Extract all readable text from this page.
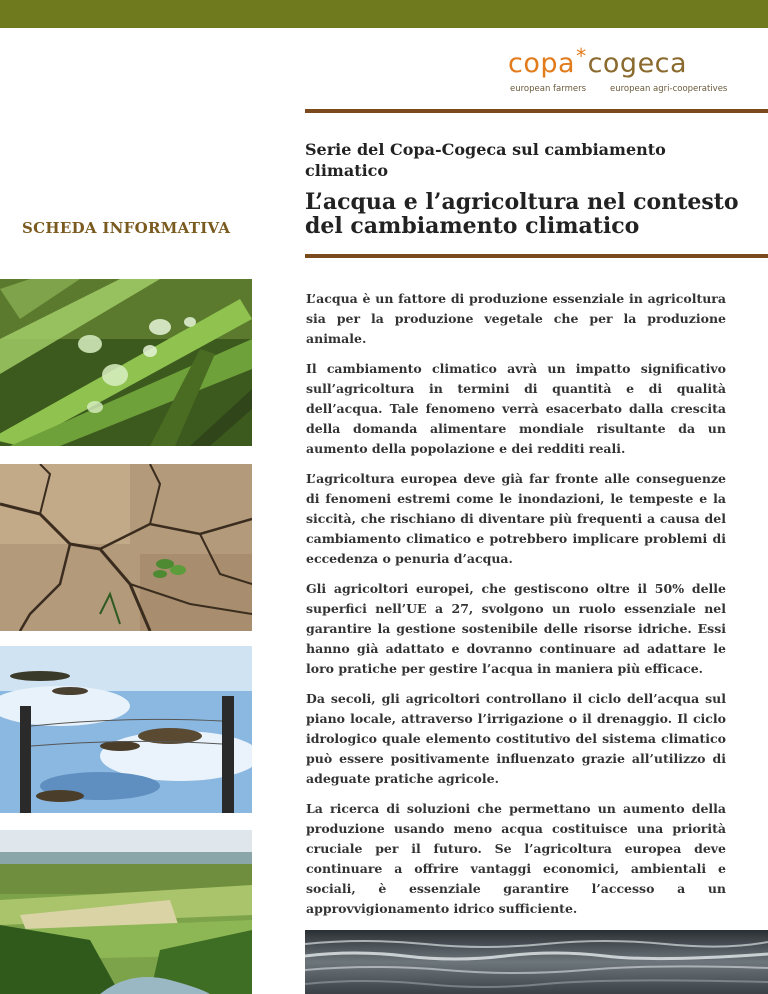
copa*cogeca
european farmers	european agri-cooperatives
Serie del Copa-Cogeca sul cambiamento climatico
L’acqua e l’agricoltura nel contesto del cambiamento climatico
SCHEDA INFORMATIVA

L’acqua è un fattore di produzione essenziale in agricoltura sia per la produzione vegetale che per la produzione animale.

Il cambiamento climatico avrà un impatto significativo sull’agricoltura in termini di quantità e di qualità dell’acqua. Tale fenomeno verrà esacerbato dalla crescita della domanda alimentare mondiale risultante da un aumento della popolazione e dei redditi reali.

L’agricoltura europea deve già far fronte alle conseguenze di fenomeni estremi come le inondazioni, le tempeste e la siccità, che rischiano di diventare più frequenti a causa del cambiamento climatico e potrebbero implicare problemi di eccedenza o penuria d’acqua.

Gli agricoltori europei, che gestiscono oltre il 50% delle superfici nell’UE a 27, svolgono un ruolo essenziale nel garantire la gestione sostenibile delle risorse idriche. Essi hanno già adattato e dovranno continuare ad adattare le loro pratiche per gestire l’acqua in maniera più efficace.

Da secoli, gli agricoltori controllano il ciclo dell’acqua sul piano locale, attraverso l’irrigazione o il drenaggio. Il ciclo idrologico quale elemento costitutivo del sistema climatico può essere positivamente influenzato grazie all’utilizzo di adeguate pratiche agricole.

La ricerca di soluzioni che permettano un aumento della produzione usando meno acqua costituisce una priorità cruciale per il futuro. Se l’agricoltura europea deve continuare a offrire vantaggi economici, ambientali e sociali, è essenziale garantire l’accesso a un approvvigionamento idrico sufficiente.
